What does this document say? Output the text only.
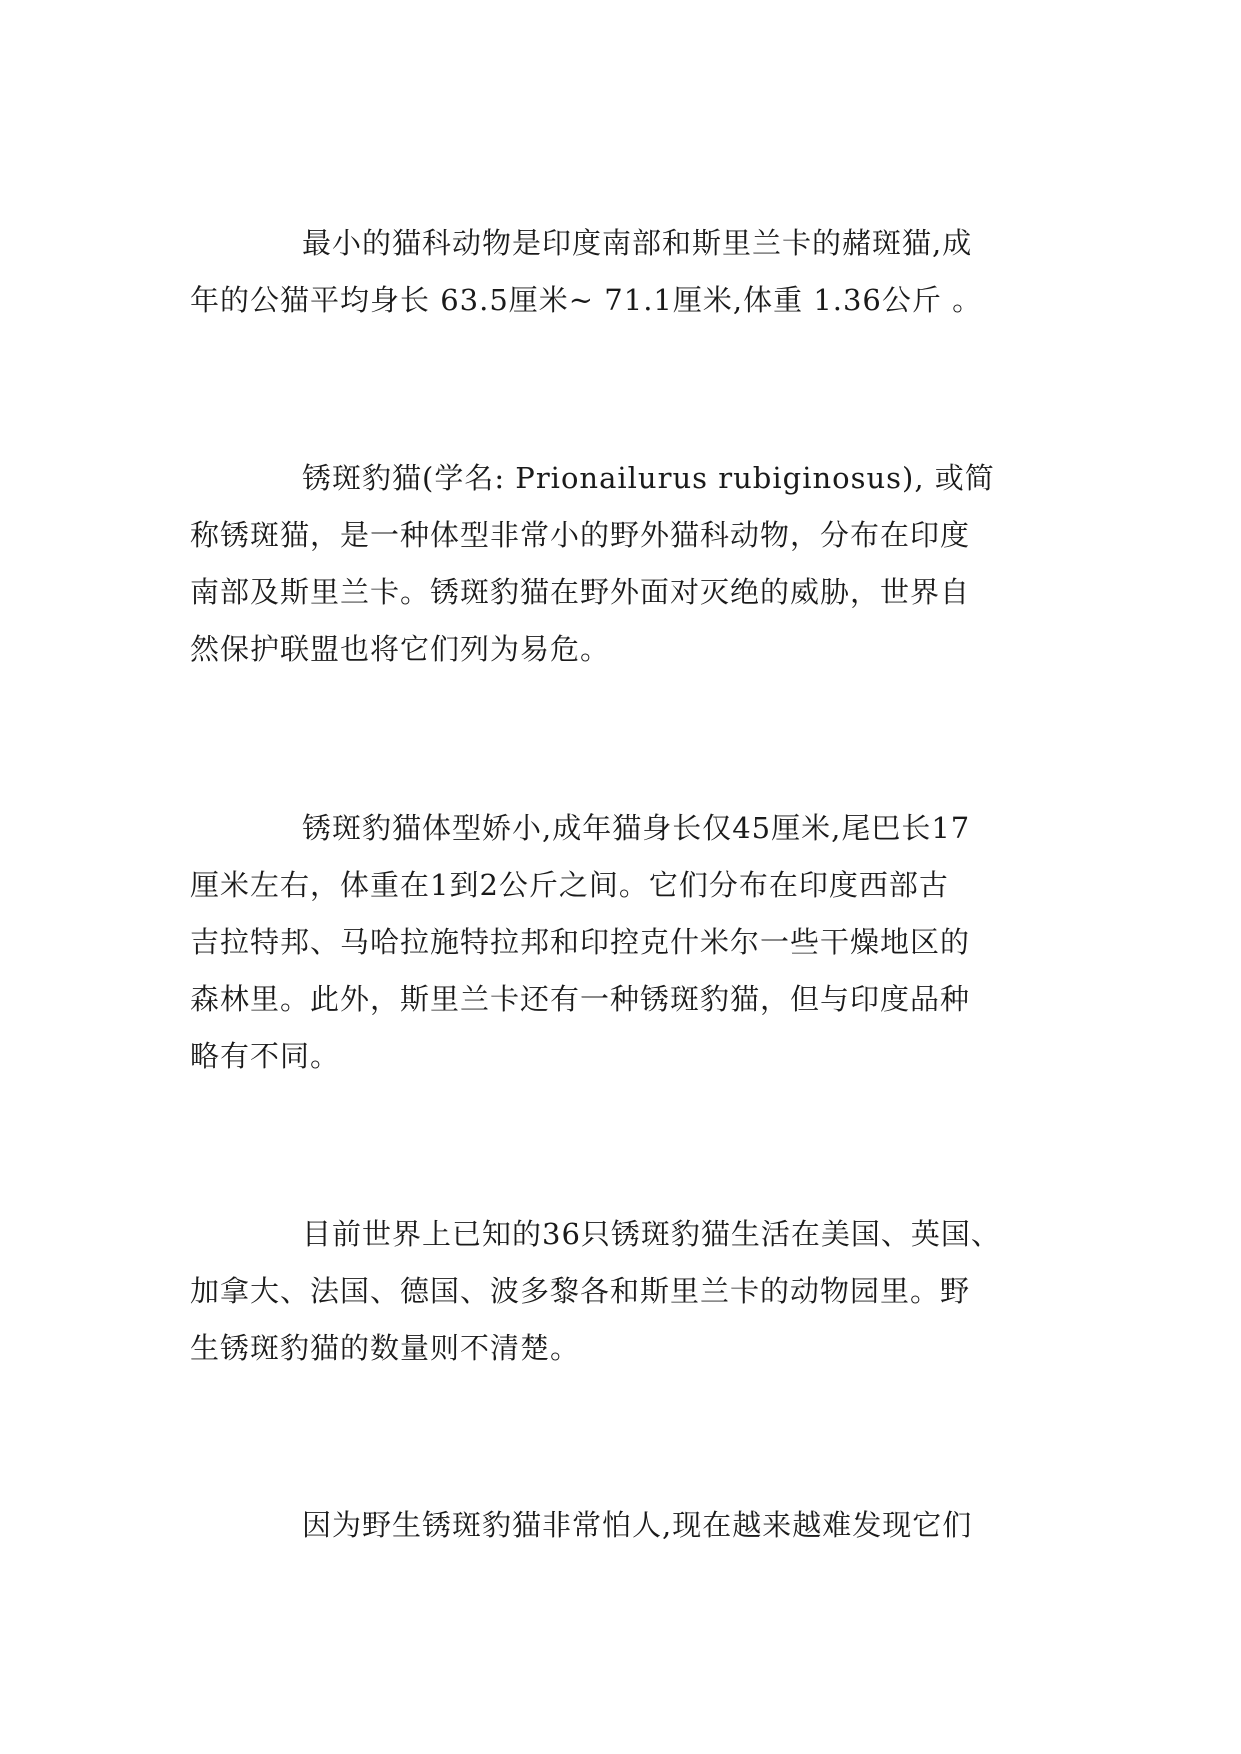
最小的猫科动物是印度南部和斯里兰卡的赭斑猫,成
年的公猫平均身长 63.5厘米~ 71.1厘米,体重 1.36公斤 。
锈斑豹猫(学名: Prionailurus rubiginosus), 或简
称锈斑猫，是一种体型非常小的野外猫科动物，分布在印度
南部及斯里兰卡。锈斑豹猫在野外面对灭绝的威胁，世界自
然保护联盟也将它们列为易危。
锈斑豹猫体型娇小,成年猫身长仅45厘米,尾巴长17
厘米左右，体重在1到2公斤之间。它们分布在印度西部古
吉拉特邦、马哈拉施特拉邦和印控克什米尔一些干燥地区的
森林里。此外，斯里兰卡还有一种锈斑豹猫，但与印度品种
略有不同。
目前世界上已知的36只锈斑豹猫生活在美国、英国、
加拿大、法国、德国、波多黎各和斯里兰卡的动物园里。野
生锈斑豹猫的数量则不清楚。
因为野生锈斑豹猫非常怕人,现在越来越难发现它们
